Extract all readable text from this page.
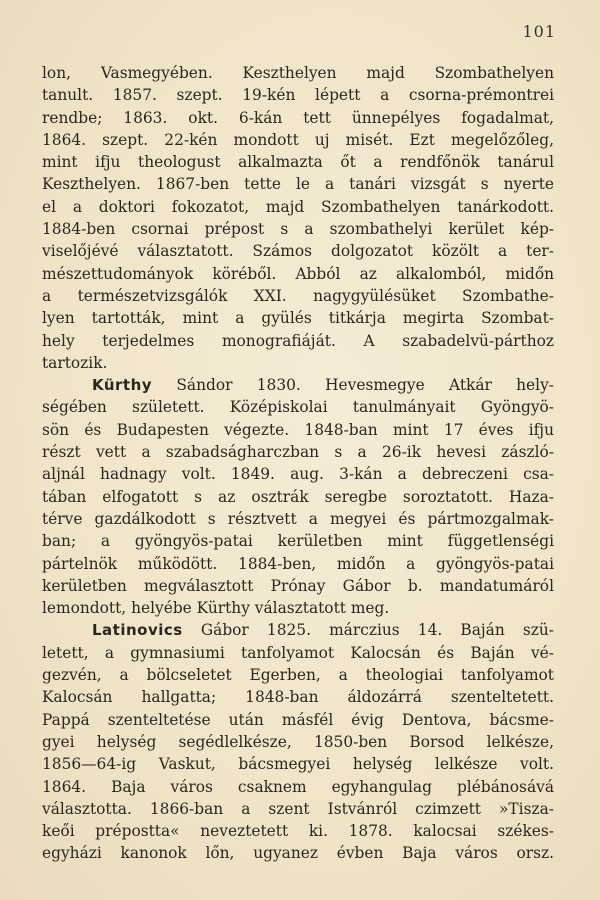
101
lon, Vasmegyében. Keszthelyen majd Szombathelyen
tanult. 1857. szept. 19-kén lépett a csorna-prémontrei
rendbe; 1863. okt. 6-kán tett ünnepélyes fogadalmat,
1864. szept. 22-kén mondott uj misét. Ezt megelőzőleg,
mint ifju theologust alkalmazta őt a rendfőnök tanárul
Keszthelyen. 1867-ben tette le a tanári vizsgát s nyerte
el a doktori fokozatot, majd Szombathelyen tanárkodott.
1884-ben csornai prépost s a szombathelyi kerület kép-
viselőjévé választatott. Számos dolgozatot közölt a ter-
mészettudományok köréből. Abból az alkalomból, midőn
a természetvizsgálók XXI. nagygyülésüket Szombathe-
lyen tartották, mint a gyülés titkárja megirta Szombat-
hely terjedelmes monografiáját. A szabadelvü-párthoz
tartozik.
Kürthy Sándor 1830. Hevesmegye Atkár hely-
ségében született. Középiskolai tanulmányait Gyöngyö-
sön és Budapesten végezte. 1848-ban mint 17 éves ifju
részt vett a szabadságharczban s a 26-ik hevesi zászló-
aljnál hadnagy volt. 1849. aug. 3-kán a debreczeni csa-
tában elfogatott s az osztrák seregbe soroztatott. Haza-
térve gazdálkodott s résztvett a megyei és pártmozgalmak-
ban; a gyöngyös-patai kerületben mint függetlenségi
pártelnök működött. 1884-ben, midőn a gyöngyös-patai
kerületben megválasztott Prónay Gábor b. mandatumáról
lemondott, helyébe Kürthy választatott meg.
Latinovics Gábor 1825. márczius 14. Baján szü-
letett, a gymnasiumi tanfolyamot Kalocsán és Baján vé-
gezvén, a bölcseletet Egerben, a theologiai tanfolyamot
Kalocsán hallgatta; 1848-ban áldozárrá szenteltetett.
Pappá szenteltetése után másfél évig Dentova, bácsme-
gyei helység segédlelkésze, 1850-ben Borsod lelkésze,
1856—64-ig Vaskut, bácsmegyei helység lelkésze volt.
1864. Baja város csaknem egyhangulag plébánosává
választotta. 1866-ban a szent Istvánról czimzett »Tisza-
keői prépostta« neveztetett ki. 1878. kalocsai székes-
egyházi kanonok lőn, ugyanez évben Baja város orsz.
